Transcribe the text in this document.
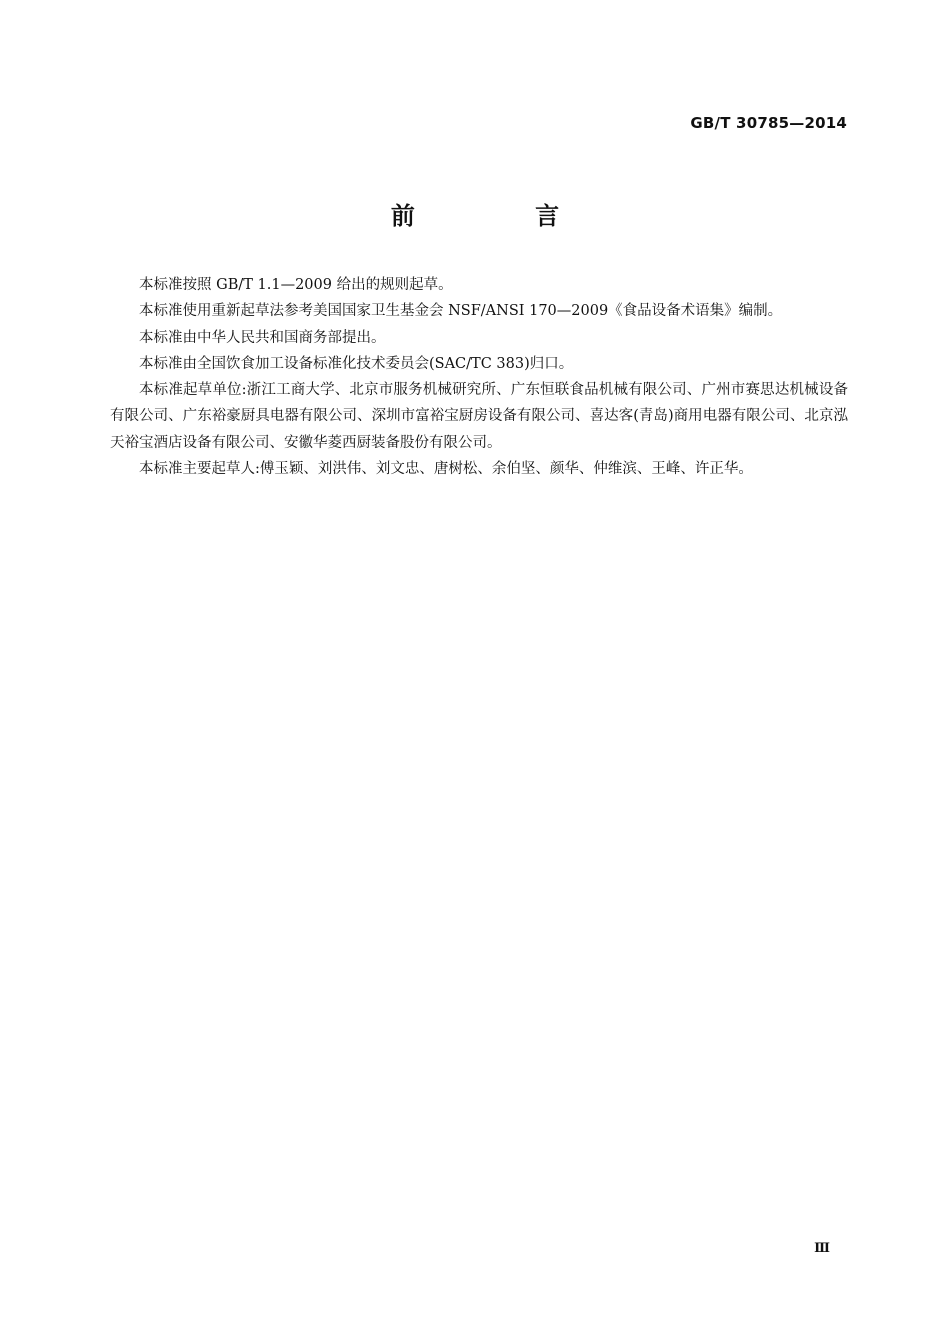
GB/T 30785—2014
前 言

本标准按照 GB/T 1.1—2009 给出的规则起草。

本标准使用重新起草法参考美国国家卫生基金会 NSF/ANSI 170—2009《食品设备术语集》编制。

本标准由中华人民共和国商务部提出。

本标准由全国饮食加工设备标准化技术委员会(SAC/TC 383)归口。

本标准起草单位:浙江工商大学、北京市服务机械研究所、广东恒联食品机械有限公司、广州市赛思达机械设备有限公司、广东裕豪厨具电器有限公司、深圳市富裕宝厨房设备有限公司、喜达客(青岛)商用电器有限公司、北京泓天裕宝酒店设备有限公司、安徽华菱西厨装备股份有限公司。

本标准主要起草人:傅玉颖、刘洪伟、刘文忠、唐树松、余伯坚、颜华、仲维滨、王峰、许正华。

Ⅲ
